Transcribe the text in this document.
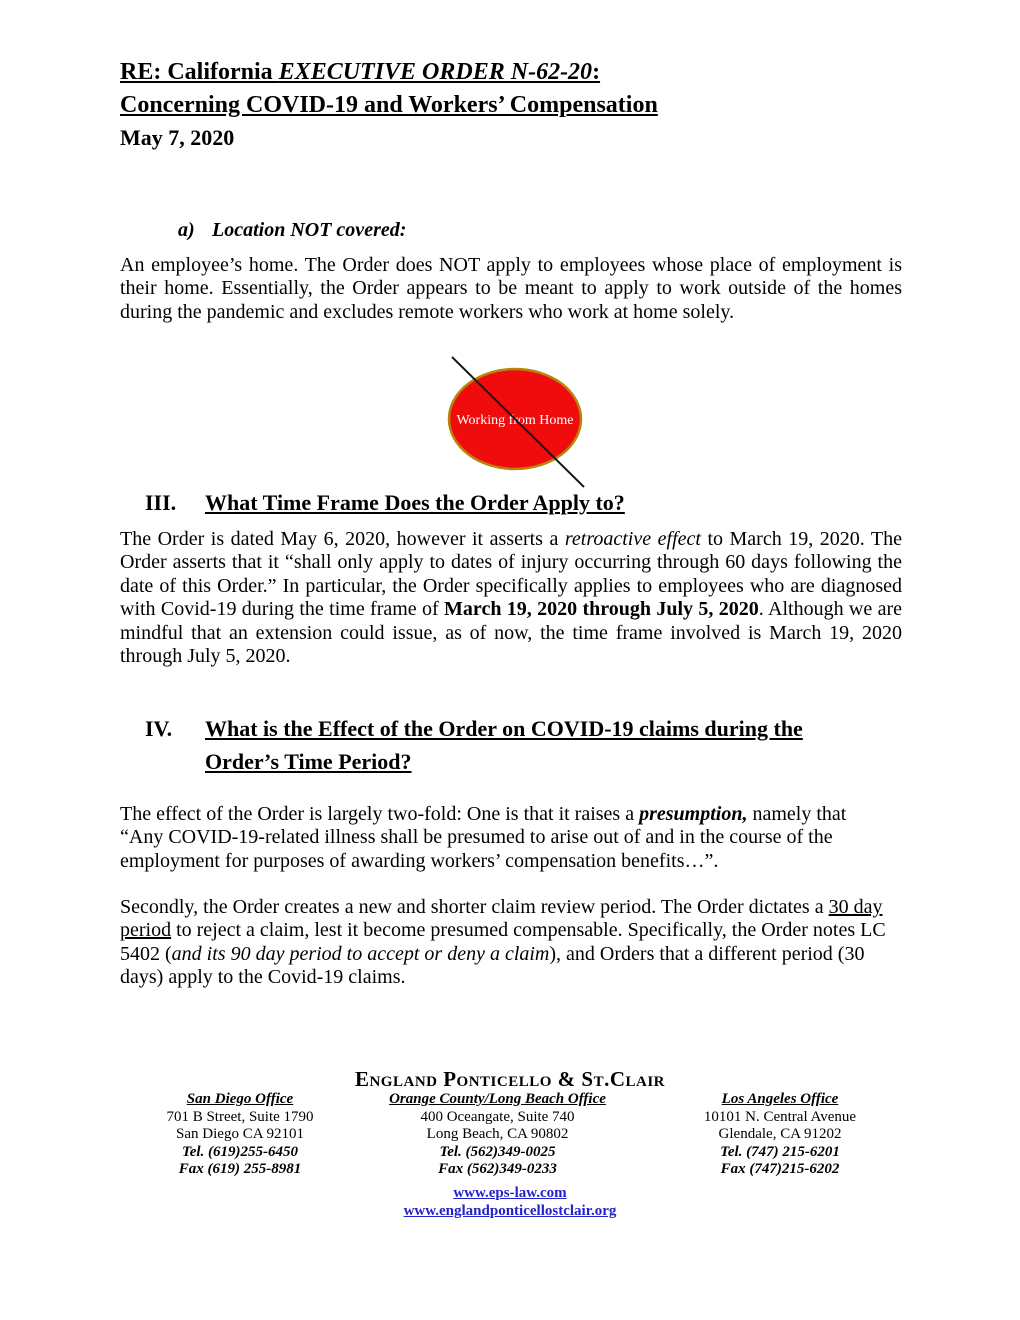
RE: California EXECUTIVE ORDER N-62-20:
Concerning COVID-19 and Workers’ Compensation
May 7, 2020
a) Location NOT covered:
An employee’s home. The Order does NOT apply to employees whose place of employment is their home. Essentially, the Order appears to be meant to apply to work outside of the homes during the pandemic and excludes remote workers who work at home solely.
Working from Home
III.	What Time Frame Does the Order Apply to?
The Order is dated May 6, 2020, however it asserts a retroactive effect to March 19, 2020. The Order asserts that it “shall only apply to dates of injury occurring through 60 days following the date of this Order.” In particular, the Order specifically applies to employees who are diagnosed with Covid-19 during the time frame of March 19, 2020 through July 5, 2020. Although we are mindful that an extension could issue, as of now, the time frame involved is March 19, 2020 through July 5, 2020.
IV.	What is the Effect of the Order on COVID-19 claims during the Order’s Time Period?
The effect of the Order is largely two-fold: One is that it raises a presumption, namely that “Any COVID-19-related illness shall be presumed to arise out of and in the course of the employment for purposes of awarding workers’ compensation benefits…”.
Secondly, the Order creates a new and shorter claim review period. The Order dictates a 30 day period to reject a claim, lest it become presumed compensable. Specifically, the Order notes LC 5402 (and its 90 day period to accept or deny a claim), and Orders that a different period (30 days) apply to the Covid-19 claims.
England Ponticello & St.Clair
San Diego Office
701 B Street, Suite 1790
San Diego CA 92101
Tel. (619)255-6450
Fax (619) 255-8981
Orange County/Long Beach Office
400 Oceangate, Suite 740
Long Beach, CA 90802
Tel. (562)349-0025
Fax (562)349-0233
Los Angeles Office
10101 N. Central Avenue
Glendale, CA 91202
Tel. (747) 215-6201
Fax (747)215-6202
www.eps-law.com
www.englandponticellostclair.org
